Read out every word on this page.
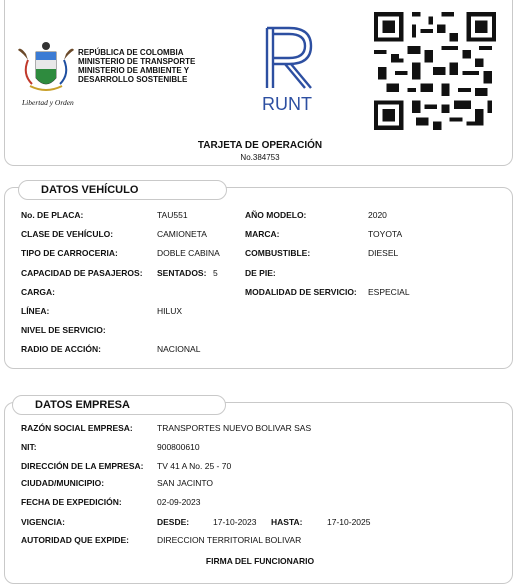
Libertad y Orden
REPÚBLICA DE COLOMBIA
MINISTERIO DE TRANSPORTE
MINISTERIO DE AMBIENTE Y
DESARROLLO SOSTENIBLE
RUNT
TARJETA DE OPERACIÓN
No.384753
DATOS VEHÍCULO
No. DE PLACA:	TAU551	AÑO MODELO:	2020
CLASE DE VEHÍCULO:	CAMIONETA	MARCA:	TOYOTA
TIPO DE CARROCERIA:	DOBLE CABINA	COMBUSTIBLE:	DIESEL
CAPACIDAD DE PASAJEROS: SENTADOS: 5	DE PIE:
CARGA:	MODALIDAD DE SERVICIO: ESPECIAL
LÍNEA:	HILUX
NIVEL DE SERVICIO:
RADIO DE ACCIÓN:	NACIONAL
DATOS EMPRESA
RAZÓN SOCIAL EMPRESA:	TRANSPORTES NUEVO BOLIVAR SAS
NIT:	900800610
DIRECCIÓN DE LA EMPRESA: TV 41 A No. 25 - 70
CIUDAD/MUNICIPIO:	SAN JACINTO
FECHA DE EXPEDICIÓN:	02-09-2023
VIGENCIA:	DESDE:	17-10-2023 HASTA:	17-10-2025
AUTORIDAD QUE EXPIDE:	DIRECCION TERRITORIAL BOLIVAR
FIRMA DEL FUNCIONARIO
